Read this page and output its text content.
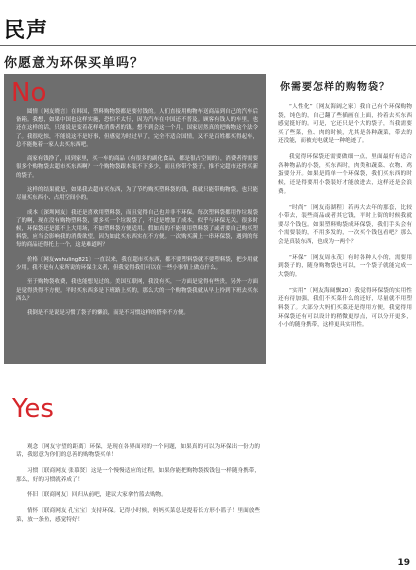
民声
你愿意为环保买单吗？
No

圆情〔网友晓言〕在韩国，塑料购物袋都是要付钱的。人们直接用购物车送商品到自己的汽车后备箱。我想，如果中国也这样实施，恐怕不太行，因为汽车在中国还不普及。顾客有钱人的车里，也还在这样的话，只能说是变着花样收消费者的钱。想不到会这一个月，国家居然真的把购物这个法令了。我很吃惊，不能说这不是好事，但感觉为时过早了，完全不适合国情，又不是百姓都买得起车，总不能拖着一家人去买东西吧。

商家有钱挣了，回到家里，买一车的商品（有很多的副化食品，都是很占空间的），消费者得需要很多个购物袋去超市买东西啊？一个购物袋跟本装不下多少，而且你带个袋子，推不完超市还得买新的袋子。

这样的结果就是，如果我去超市买东西，为了节约购买塑料袋的钱，我就只能带购物袋，也只能尽量买东西小、占用空间小的。

成本〔深圳网友〕我还是喜欢用塑料袋，而且觉得自己也并非不环保。每次塑料袋都用作垃圾袋了的啊，现在没有购物塑料袋，要多买一个垃圾袋了，不过是增加了成本，似乎与环保无关。很多时候，环保袋还是派不上大用场，不如塑料袋方便适用。假如真的不能使用塑料袋了或者要自己购买塑料袋，应当会影响我的消费欲望，因为如此买东西实在不方便。一次购买满上一串环保袋，遇到的每每的商品还得托上一个，这是难道吗？

价格〔网友wshuling821〕一直以来，我在超市买东西，都不要塑料袋就不要塑料袋，把少用就少用。我不是有人家所说的环保主义者，但我觉得我们可以在一些小事情上做点什么。

至于购物袋收费，我也能想见过的。美国互联网，我没有买，一方面是觉得有些贵，另外一方面是觉得贵得不方便。平时买东西多是下班路上买的，那么大的一个购物袋我就从早上拎到下班去买东西么？

我倒是不是说是习惯了袋子的懒浪，而是不习惯这样的搭牵不方便。

Yes

观念〔网友守望的距离〕环保，是现在各界面对的一个问题，如果真的可以为环保出一份力的话，我愿意为你们的总善的购物袋买单！

习惯〔联商网友 张慕贤〕这是一个慢慢适应的过程，如果你能把购物袋拨钱包一样随身携带，那么，好的习惯就养成了！

怀旧〔联商网友〕回归从前吧，建议大家拿竹篮去购物。

情怀〔联商网友 孔宝宝〕支持环保。记得小时候，妈妈买菜总是提着长方形小篮子！里面放些菜，放一条鱼，感觉特好！

你需要怎样的购物袋？

“人性化”〔网友海阔之家〕我自己有个环保购物袋，纯色的，自己翻了些插画在上面，拎着去买东西感觉挺好的。可是，它还只是个大的袋子，当我需要买了些菜，鱼、肉的时候，尤其是各种蔬菜，带去的还没能，而被充电就是一种绝迹了。

我觉得环保袋还需要做细一点，里面最好有适合各种物品的小袋，买东西时，肉类和蔬菜、衣物、鸡蛋要分开。如果是简单一个环保袋，我们买东西的时候，还是得要用小袋装好才能放进去，这样还是会浪费。

“时尚”〔网友南湖程〕若再大去年的那套，比较小带去，装些商品或者其它钱，平时上街的时候我就要尽个钱包。如果塑料购袋成环保袋，我们手头会有个需要装的，不用多发的，一次买个钱包看吧？那么会是真装东西，也成为一两个？

“环保”〔网友周永茂〕有时各种人小的，需要用到袋子的，随身购物袋也可以，一个袋子就能完成一大袋的。

“实用”〔网友海阔飘20〕我觉得环保袋的实用性还有待加强，我们不买菜什么的还好，尽量就不用塑料袋了。大部分大妈们买菜还是得用方便，我觉得用环保袋还有可以设计的稍微更厚点，可以分开更多，小小的随身携带，这样更具实用性。

19
